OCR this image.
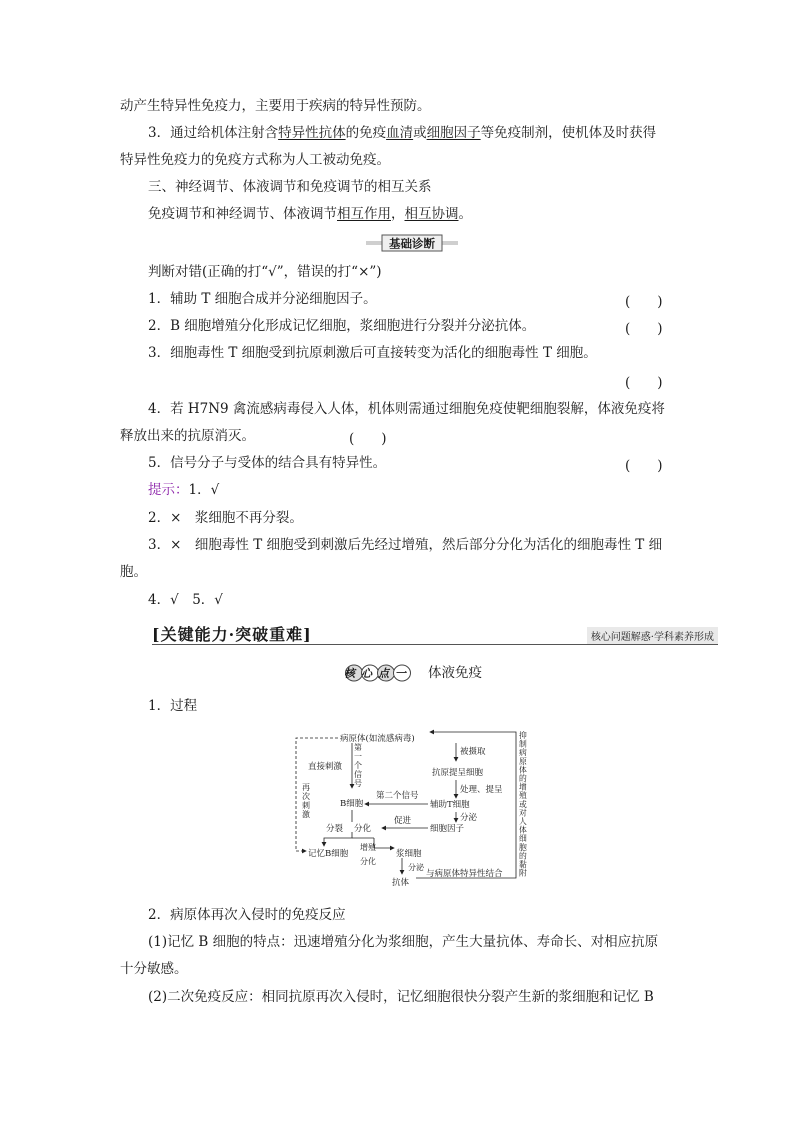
动产生特异性免疫力，主要用于疾病的特异性预防。
3．通过给机体注射含特异性抗体的免疫血清或细胞因子等免疫制剂，使机体及时获得
特异性免疫力的免疫方式称为人工被动免疫。
三、神经调节、体液调节和免疫调节的相互关系
免疫调节和神经调节、体液调节相互作用，相互协调。
基础诊断
判断对错(正确的打“√”，错误的打“×”)
1．辅助 T 细胞合成并分泌细胞因子。	(　　)
2．B 细胞增殖分化形成记忆细胞，浆细胞进行分裂并分泌抗体。	(　　)
3．细胞毒性 T 细胞受到抗原刺激后可直接转变为活化的细胞毒性 T 细胞。
(　　)
4．若 H7N9 禽流感病毒侵入人体，机体则需通过细胞免疫使靶细胞裂解，体液免疫将
释放出来的抗原消灭。	(　　)
5．信号分子与受体的结合具有特异性。	(　　)
提示：1．√
2．×　浆细胞不再分裂。
3．×　细胞毒性 T 细胞受到刺激后先经过增殖，然后部分分化为活化的细胞毒性 T 细
胞。
4．√　5．√
[关键能力·突破重难]	核心问题解惑·学科素养形成
核心点一 体液免疫
1．过程
病原体(如流感病毒)
被摄取
抗原提呈细胞
处理、提呈
直接刺激
第
一
个
信
号
B细胞
第二个信号
辅助T细胞
分泌
再
次
刺
激
促进
细胞因子
分裂 分化
记忆B细胞
增殖
分化
浆细胞
分泌
抗体
与病原体特异性结合
抑
制
病
原
体
的
增
殖
或
对
人
体
细
胞
的
黏
附
2．病原体再次入侵时的免疫反应
(1)记忆 B 细胞的特点：迅速增殖分化为浆细胞，产生大量抗体、寿命长、对相应抗原
十分敏感。
(2)二次免疫反应：相同抗原再次入侵时，记忆细胞很快分裂产生新的浆细胞和记忆 B
